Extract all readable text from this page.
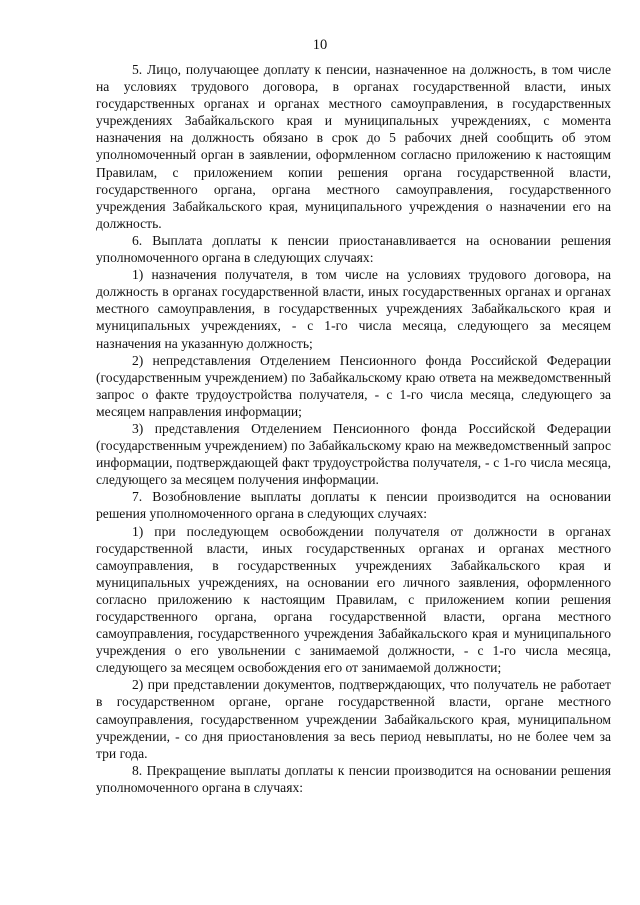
10

5. Лицо, получающее доплату к пенсии, назначенное на должность, в том числе на условиях трудового договора, в органах государственной власти, иных государственных органах и органах местного самоуправления, в государственных учреждениях Забайкальского края и муниципальных учреждениях, с момента назначения на должность обязано в срок до 5 рабочих дней сообщить об этом уполномоченный орган в заявлении, оформленном согласно приложению к настоящим Правилам, с приложением копии решения органа государственной власти, государственного органа, органа местного самоуправления, государственного учреждения Забайкальского края, муниципального учреждения о назначении его на должность.

6. Выплата доплаты к пенсии приостанавливается на основании решения уполномоченного органа в следующих случаях:

1) назначения получателя, в том числе на условиях трудового договора, на должность в органах государственной власти, иных государственных органах и органах местного самоуправления, в государственных учреждениях Забайкальского края и муниципальных учреждениях, - с 1-го числа месяца, следующего за месяцем назначения на указанную должность;

2) непредставления Отделением Пенсионного фонда Российской Федерации (государственным учреждением) по Забайкальскому краю ответа на межведомственный запрос о факте трудоустройства получателя, - с 1-го числа месяца, следующего за месяцем направления информации;

3) представления Отделением Пенсионного фонда Российской Федерации (государственным учреждением) по Забайкальскому краю на межведомственный запрос информации, подтверждающей факт трудоустройства получателя, - с 1-го числа месяца, следующего за месяцем получения информации.

7. Возобновление выплаты доплаты к пенсии производится на основании решения уполномоченного органа в следующих случаях:

1) при последующем освобождении получателя от должности в органах государственной власти, иных государственных органах и органах местного самоуправления, в государственных учреждениях Забайкальского края и муниципальных учреждениях, на основании его личного заявления, оформленного согласно приложению к настоящим Правилам, с приложением копии решения государственного органа, органа государственной власти, органа местного самоуправления, государственного учреждения Забайкальского края и муниципального учреждения о его увольнении с занимаемой должности, - с 1-го числа месяца, следующего за месяцем освобождения его от занимаемой должности;

2) при представлении документов, подтверждающих, что получатель не работает в государственном органе, органе государственной власти, органе местного самоуправления, государственном учреждении Забайкальского края, муниципальном учреждении, - со дня приостановления за весь период невыплаты, но не более чем за три года.

8. Прекращение выплаты доплаты к пенсии производится на основании решения уполномоченного органа в случаях:
